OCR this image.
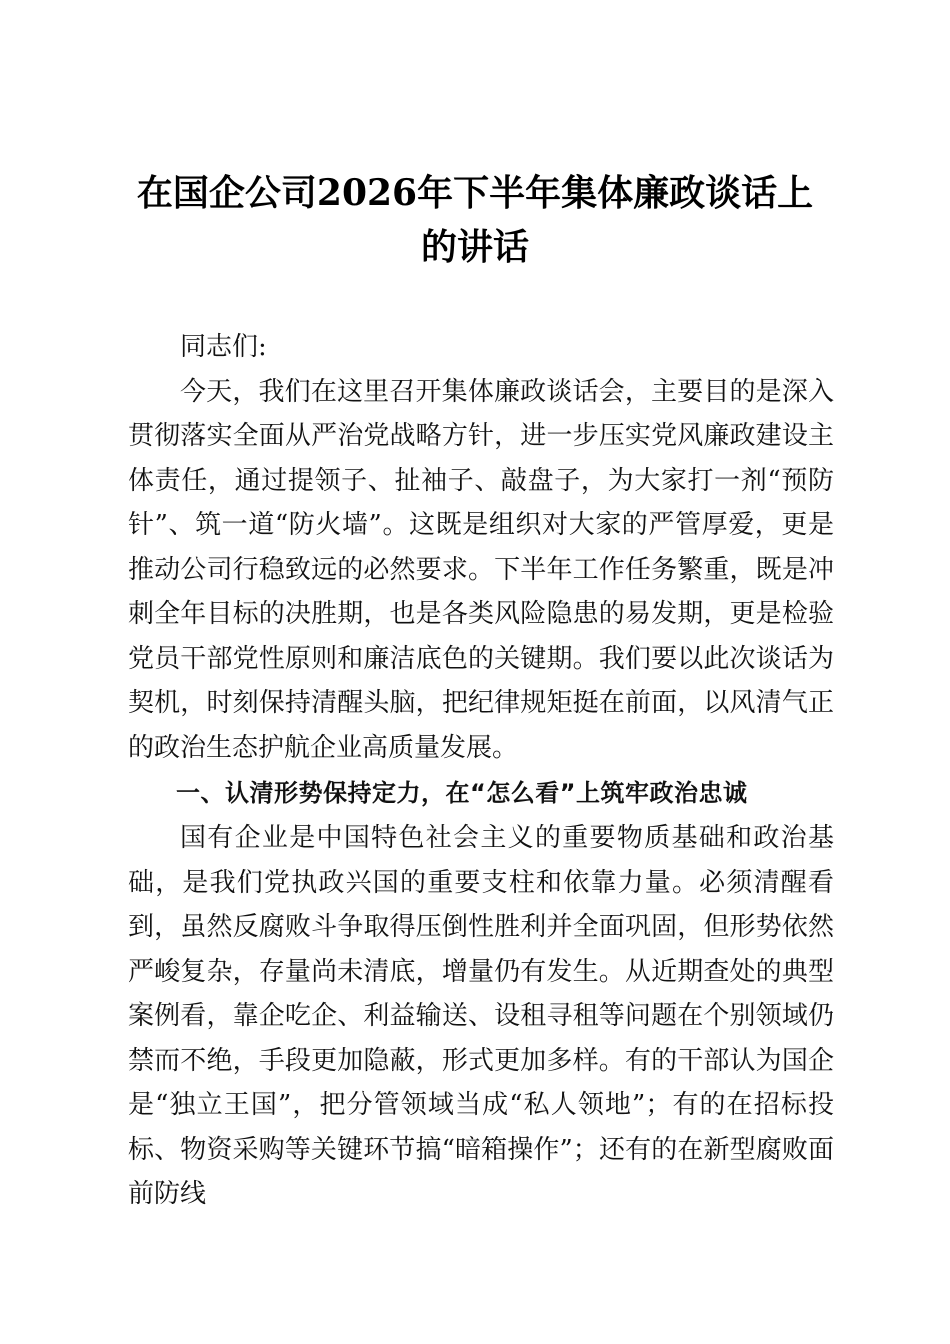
在国企公司2026年下半年集体廉政谈话上的讲话

同志们:

今天，我们在这里召开集体廉政谈话会，主要目的是深入贯彻落实全面从严治党战略方针，进一步压实党风廉政建设主体责任，通过提领子、扯袖子、敲盘子，为大家打一剂“预防针”、筑一道“防火墙”。这既是组织对大家的严管厚爱，更是推动公司行稳致远的必然要求。下半年工作任务繁重，既是冲刺全年目标的决胜期，也是各类风险隐患的易发期，更是检验党员干部党性原则和廉洁底色的关键期。我们要以此次谈话为契机，时刻保持清醒头脑，把纪律规矩挺在前面，以风清气正的政治生态护航企业高质量发展。

一、认清形势保持定力，在“怎么看”上筑牢政治忠诚

国有企业是中国特色社会主义的重要物质基础和政治基础，是我们党执政兴国的重要支柱和依靠力量。必须清醒看到，虽然反腐败斗争取得压倒性胜利并全面巩固，但形势依然严峻复杂，存量尚未清底，增量仍有发生。从近期查处的典型案例看，靠企吃企、利益输送、设租寻租等问题在个别领域仍禁而不绝，手段更加隐蔽，形式更加多样。有的干部认为国企是“独立王国”，把分管领域当成“私人领地”；有的在招标投标、物资采购等关键环节搞“暗箱操作”；还有的在新型腐败面前防线
